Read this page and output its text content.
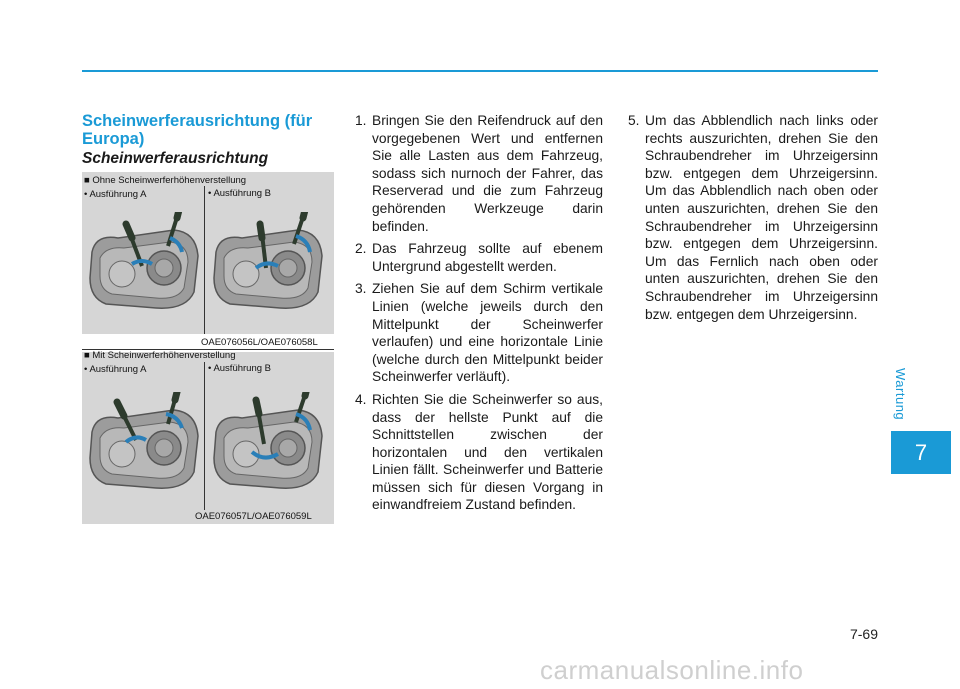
Scheinwerferausrichtung (für Europa)
Scheinwerferausrichtung
■ Ohne Scheinwerferhöhenverstellung
• Ausführung A	• Ausführung B
OAE076056L/OAE076058L
■ Mit Scheinwerferhöhenverstellung
• Ausführung A	• Ausführung B
OAE076057L/OAE076059L
1. Bringen Sie den Reifendruck auf den vorgegebenen Wert und entfernen Sie alle Lasten aus dem Fahrzeug, sodass sich nurnoch der Fahrer, das Reserverad und die zum Fahrzeug gehörenden Werkzeuge darin befinden.
2. Das Fahrzeug sollte auf ebenem Untergrund abgestellt werden.
3. Ziehen Sie auf dem Schirm vertikale Linien (welche jeweils durch den Mittelpunkt der Scheinwerfer verlaufen) und eine horizontale Linie (welche durch den Mittelpunkt beider Scheinwerfer verläuft).
4. Richten Sie die Scheinwerfer so aus, dass der hellste Punkt auf die Schnittstellen zwischen der horizontalen und den vertikalen Linien fällt. Scheinwerfer und Batterie müssen sich für diesen Vorgang in einwandfreiem Zustand befinden.
5. Um das Abblendlich nach links oder rechts auszurichten, drehen Sie den Schraubendreher im Uhrzeigersinn bzw. entgegen dem Uhrzeigersinn. Um das Abblendlich nach oben oder unten auszurichten, drehen Sie den Schraubendreher im Uhrzeigersinn bzw. entgegen dem Uhrzeigersinn. Um das Fernlich nach oben oder unten auszurichten, drehen Sie den Schraubendreher im Uhrzeigersinn bzw. entgegen dem Uhrzeigersinn.
Wartung
7
7-69
carmanualsonline.info
